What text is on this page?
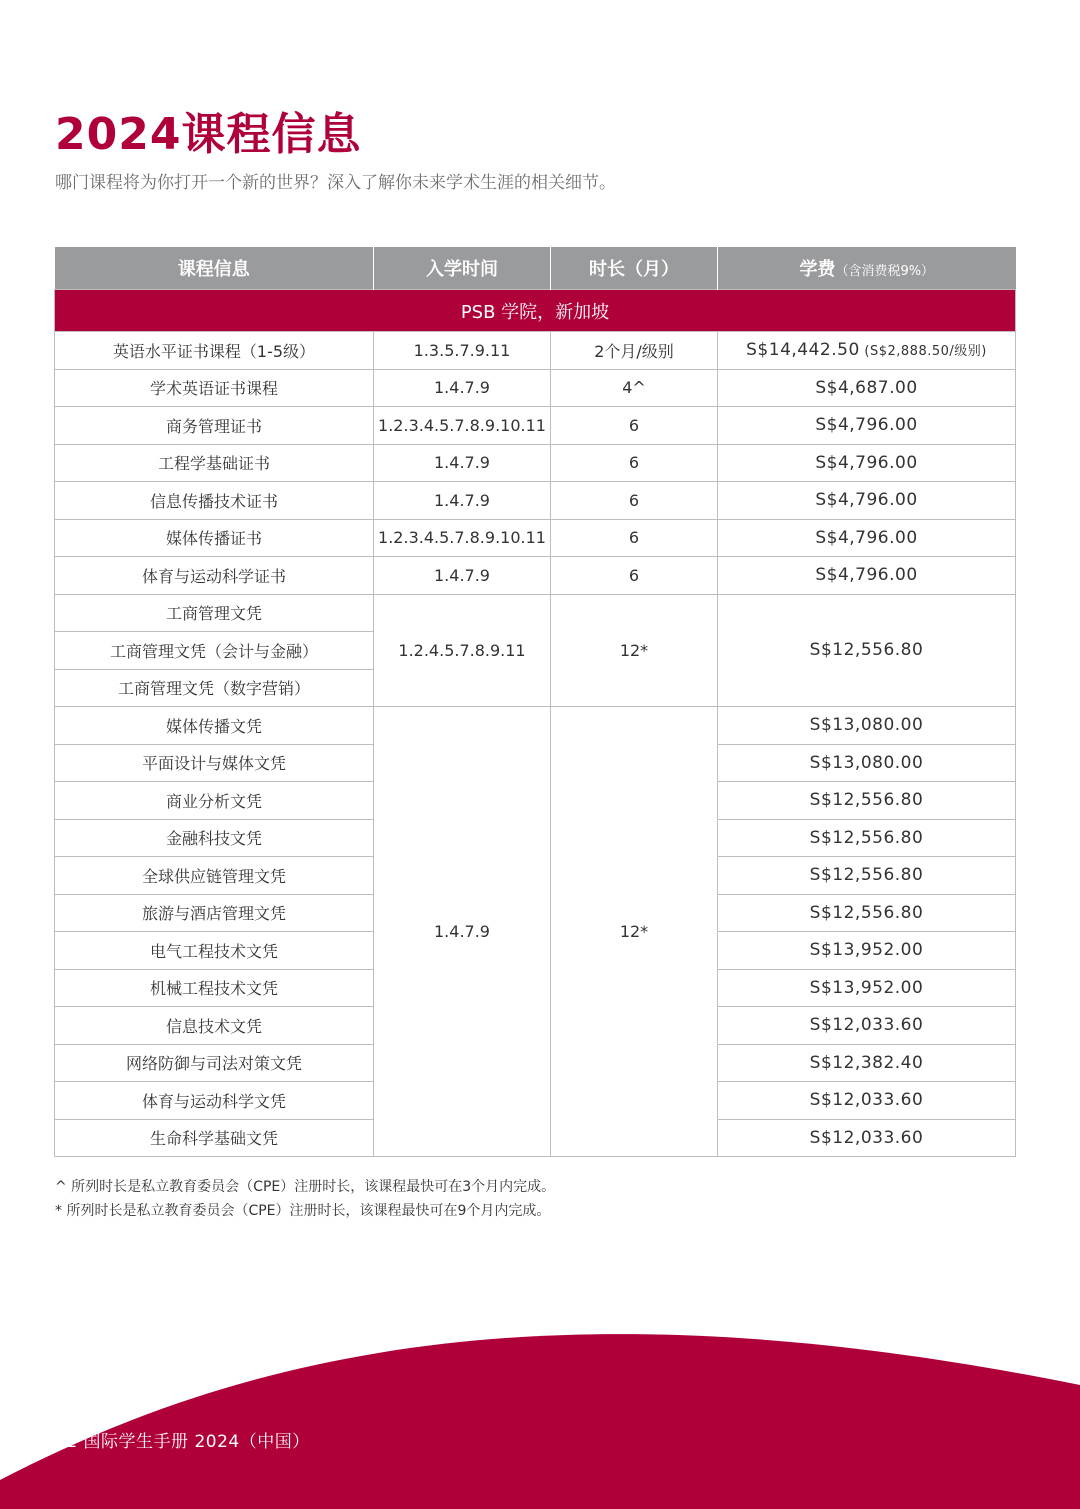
2024课程信息

哪门课程将为你打开一个新的世界？深入了解你未来学术生涯的相关细节。

课程信息	入学时间	时长（月）	学费（含消费税9%）
PSB 学院，新加坡			
英语水平证书课程（1-5级）	1.3.5.7.9.11	2个月/级别	S$14,442.50 (S$2,888.50/级别)
学术英语证书课程	1.4.7.9	4^	S$4,687.00
商务管理证书	1.2.3.4.5.7.8.9.10.11	6	S$4,796.00
工程学基础证书	1.4.7.9	6	S$4,796.00
信息传播技术证书	1.4.7.9	6	S$4,796.00
媒体传播证书	1.2.3.4.5.7.8.9.10.11	6	S$4,796.00
体育与运动科学证书	1.4.7.9	6	S$4,796.00
工商管理文凭	1.2.4.5.7.8.9.11	12*	S$12,556.80
工商管理文凭（会计与金融）			
工商管理文凭（数字营销）			
媒体传播文凭	1.4.7.9	12*	S$13,080.00
平面设计与媒体文凭			S$13,080.00
商业分析文凭			S$12,556.80
金融科技文凭			S$12,556.80
全球供应链管理文凭			S$12,556.80
旅游与酒店管理文凭			S$12,556.80
电气工程技术文凭			S$13,952.00
机械工程技术文凭			S$13,952.00
信息技术文凭			S$12,033.60
网络防御与司法对策文凭			S$12,382.40
体育与运动科学文凭			S$12,033.60
生命科学基础文凭			S$12,033.60
^ 所列时长是私立教育委员会（CPE）注册时长，该课程最快可在3个月内完成。
* 所列时长是私立教育委员会（CPE）注册时长，该课程最快可在9个月内完成。

22 国际学生手册 2024（中国）
